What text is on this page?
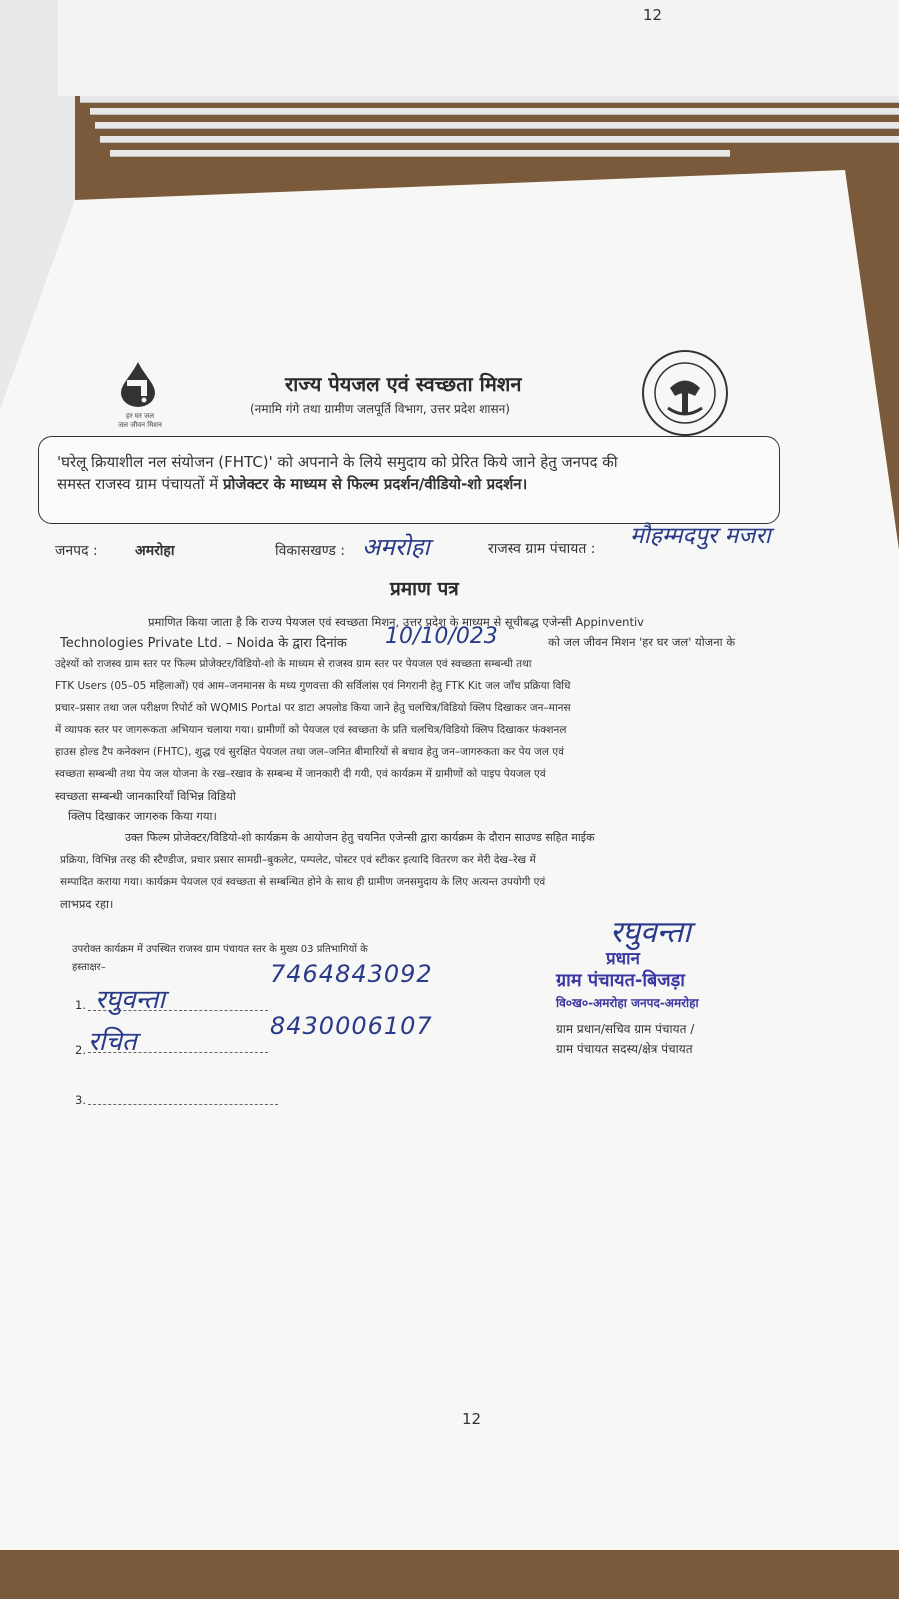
12
हर घर जल
जल जीवन मिशन
राज्य पेयजल एवं स्वच्छता मिशन
(नमामि गंगे तथा ग्रामीण जलपूर्ति विभाग, उत्तर प्रदेश शासन)

'घरेलू क्रियाशील नल संयोजन (FHTC)' को अपनाने के लिये समुदाय को प्रेरित किये जाने हेतु जनपद की
समस्त राजस्व ग्राम पंचायतों में प्रोजेक्टर के माध्यम से फिल्म प्रदर्शन/वीडियो-शो प्रदर्शन।

जनपद :	अमरोहा	विकासखण्ड : अमरोहा	राजस्व ग्राम पंचायत : मौहम्मदपुर मजरा
प्रमाण पत्र
प्रमाणित किया जाता है कि राज्य पेयजल एवं स्वच्छता मिशन, उत्तर प्रदेश के माध्यम से सूचीबद्ध एजेन्सी Appinventiv
Technologies Private Ltd. – Noida के द्वारा दिनांक 10/10/023	को जल जीवन मिशन 'हर घर जल' योजना के
उद्देश्यों को राजस्व ग्राम स्तर पर फिल्म प्रोजेक्टर/विडियो-शो के माध्यम से राजस्व ग्राम स्तर पर पेयजल एवं स्वच्छता सम्बन्धी तथा
FTK Users (05–05 महिलाओं) एवं आम–जनमानस के मध्य गुणवत्ता की सर्विलांस एवं निगरानी हेतु FTK Kit जल जाँच प्रक्रिया विधि
प्रचार–प्रसार तथा जल परीक्षण रिपोर्ट को WQMIS Portal पर डाटा अपलोड किया जाने हेतु चलचित्र/विडियो क्लिप दिखाकर जन–मानस
में व्यापक स्तर पर जागरूकता अभियान चलाया गया। ग्रामीणों को पेयजल एवं स्वच्छता के प्रति चलचित्र/विडियो क्लिप दिखाकर फंक्शनल
हाउस होल्ड टैप कनेक्शन (FHTC), शुद्ध एवं सुरक्षित पेयजल तथा जल–जनित बीमारियों से बचाव हेतु जन–जागरुकता कर पेय जल एवं
स्वच्छता सम्बन्धी तथा पेय जल योजना के रख–रखाव के सम्बन्ध में जानकारी दी गयी, एवं कार्यक्रम में ग्रामीणों को पाइप पेयजल एवं
स्वच्छता सम्बन्धी जानकारियाँ विभिन्न विडियो
क्लिप दिखाकर जागरुक किया गया।
उक्त फिल्म प्रोजेक्टर/विडियो-शो कार्यक्रम के आयोजन हेतु चयनित एजेन्सी द्वारा कार्यक्रम के दौरान साउण्ड सहित माईक
प्रक्रिया, विभिन्न तरह की स्टैण्डीज, प्रचार प्रसार सामग्री–बुकलेट, पम्पलेट, पोस्टर एवं स्टीकर इत्यादि वितरण कर मेरी देख–रेख में
सम्पादित कराया गया। कार्यक्रम पेयजल एवं स्वच्छता से सम्बन्धित होने के साथ ही ग्रामीण जनसमुदाय के लिए अत्यन्त उपयोगी एवं
लाभप्रद रहा।
उपरोक्त कार्यक्रम में उपस्थित राजस्व ग्राम पंचायत स्तर के मुख्य 03 प्रतिभागियों के
हस्ताक्षर–
1. रघुवन्ता
7464843092
2. रचित
8430006107
3.
रघुवन्ता
प्रधान
ग्राम पंचायत-बिजड़ा
वि०ख०-अमरोहा जनपद-अमरोहा
ग्राम प्रधान/सचिव ग्राम पंचायत /
ग्राम पंचायत सदस्य/क्षेत्र पंचायत
12
